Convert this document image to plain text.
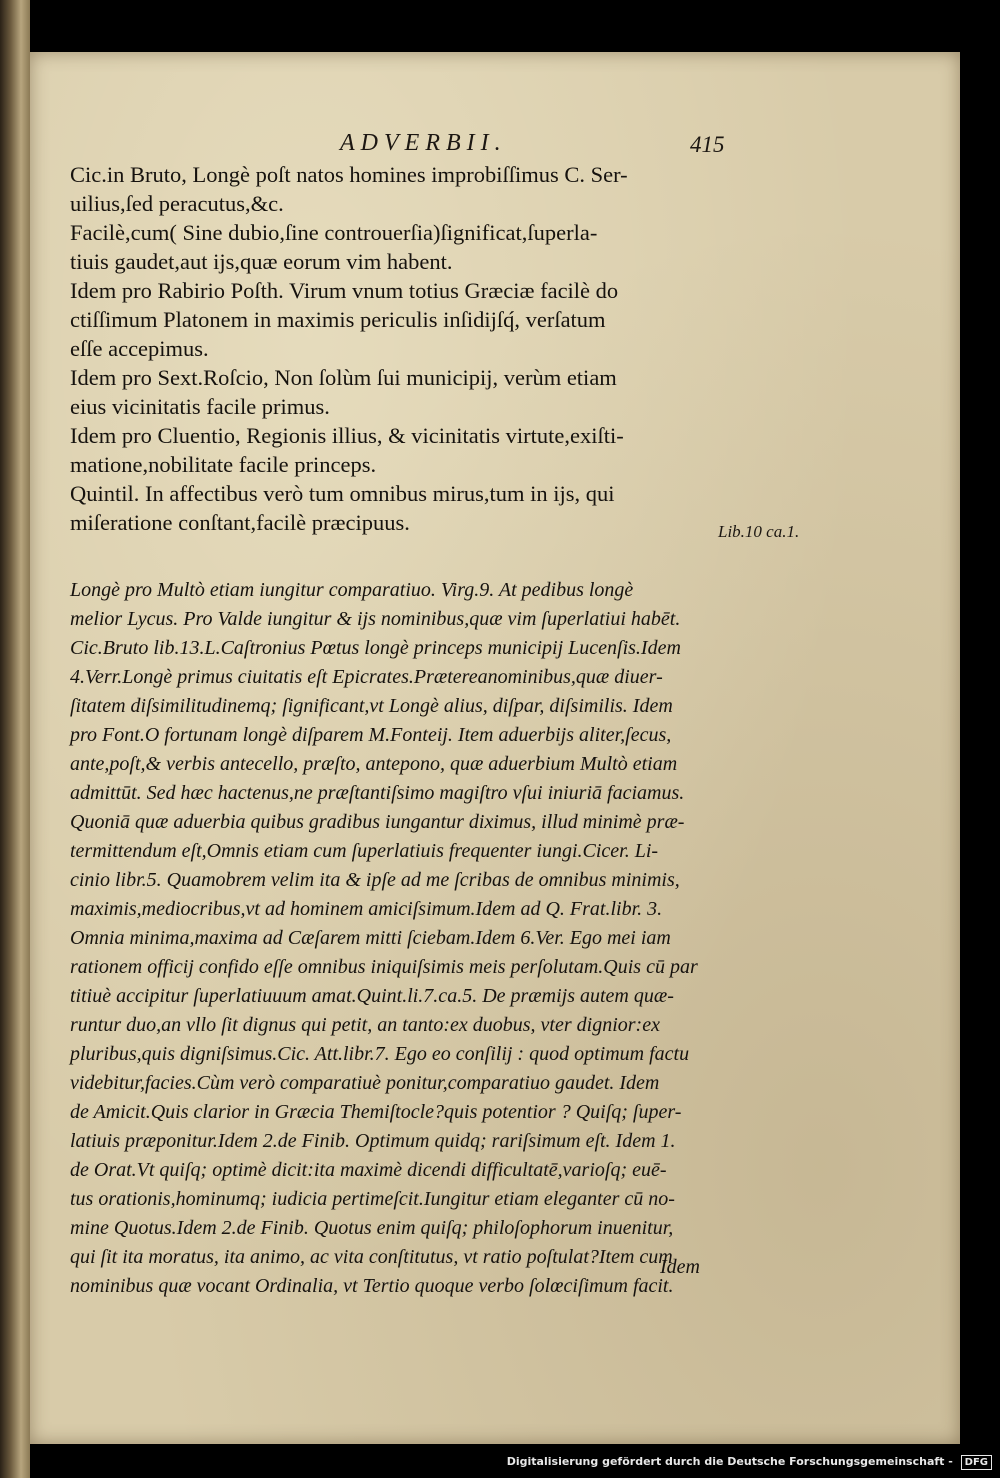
ADVERBII.	415
Cic.in Bruto, Longè poſt natos homines improbiſſimus C. Ser-
uilius,ſed peracutus,&c.
Facilè,cum( Sine dubio,ſine controuerſia)ſignificat,ſuperla-
tiuis gaudet,aut ijs,quæ eorum vim habent.
Idem pro Rabirio Poſth. Virum vnum totius Græciæ facilè do
ctiſſimum Platonem in maximis periculis inſidijſq́, verſatum
eſſe accepimus.
Idem pro Sext.Roſcio, Non ſolùm ſui municipij, verùm etiam
eius vicinitatis facile primus.
Idem pro Cluentio, Regionis illius, & vicinitatis virtute,exiſti-
matione,nobilitate facile princeps.
Quintil. In affectibus verò tum omnibus mirus,tum in ijs, qui
miſeratione conſtant,facilè præcipuus.	Lib.10 ca.1.
Longè pro Multò etiam iungitur comparatiuo. Virg.9. At pedibus longè
melior Lycus. Pro Valde iungitur & ijs nominibus,quæ vim ſuperlatiui habēt.
Cic.Bruto lib.13.L.Caſtronius Pœtus longè princeps municipij Lucenſis.Idem
4.Verr.Longè primus ciuitatis eſt Epicrates.Prætereanominibus,quæ diuer-
ſitatem diſsimilitudinemq; ſignificant,vt Longè alius, diſpar, diſsimilis. Idem
pro Font.O fortunam longè diſparem M.Fonteij. Item aduerbijs aliter,ſecus,
ante,poſt,& verbis antecello, præſto, antepono, quæ aduerbium Multò etiam
admittūt. Sed hæc hactenus,ne præſtantiſsimo magiſtro vſui iniuriā faciamus.
Quoniā quæ aduerbia quibus gradibus iungantur diximus, illud minimè præ-
termittendum eſt,Omnis etiam cum ſuperlatiuis frequenter iungi.Cicer. Li-
cinio libr.5. Quamobrem velim ita & ipſe ad me ſcribas de omnibus minimis,
maximis,mediocribus,vt ad hominem amiciſsimum.Idem ad Q. Frat.libr. 3.
Omnia minima,maxima ad Cæſarem mitti ſciebam.Idem 6.Ver. Ego mei iam
rationem officij confido eſſe omnibus iniquiſsimis meis perſolutam.Quis cū par
titiuè accipitur ſuperlatiuuum amat.Quint.li.7.ca.5. De præmijs autem quæ-
runtur duo,an vllo ſit dignus qui petit, an tanto:ex duobus, vter dignior:ex
pluribus,quis digniſsimus.Cic. Att.libr.7. Ego eo conſilij : quod optimum factu
videbitur,facies.Cùm verò comparatiuè ponitur,comparatiuo gaudet. Idem
de Amicit.Quis clarior in Græcia Themiſtocle?quis potentior ? Quiſq; ſuper-
latiuis præponitur.Idem 2.de Finib. Optimum quidq; rariſsimum eſt. Idem 1.
de Orat.Vt quiſq; optimè dicit:ita maximè dicendi difficultatē,varioſq; euē-
tus orationis,hominumq; iudicia pertimeſcit.Iungitur etiam eleganter cū no-
mine Quotus.Idem 2.de Finib. Quotus enim quiſq; philoſophorum inuenitur,
qui ſit ita moratus, ita animo, ac vita conſtitutus, vt ratio poſtulat?Item cum
nominibus quæ vocant Ordinalia, vt Tertio quoque verbo ſolœciſimum facit.
Idem
Digitalisierung gefördert durch die Deutsche Forschungsgemeinschaft - DFG
